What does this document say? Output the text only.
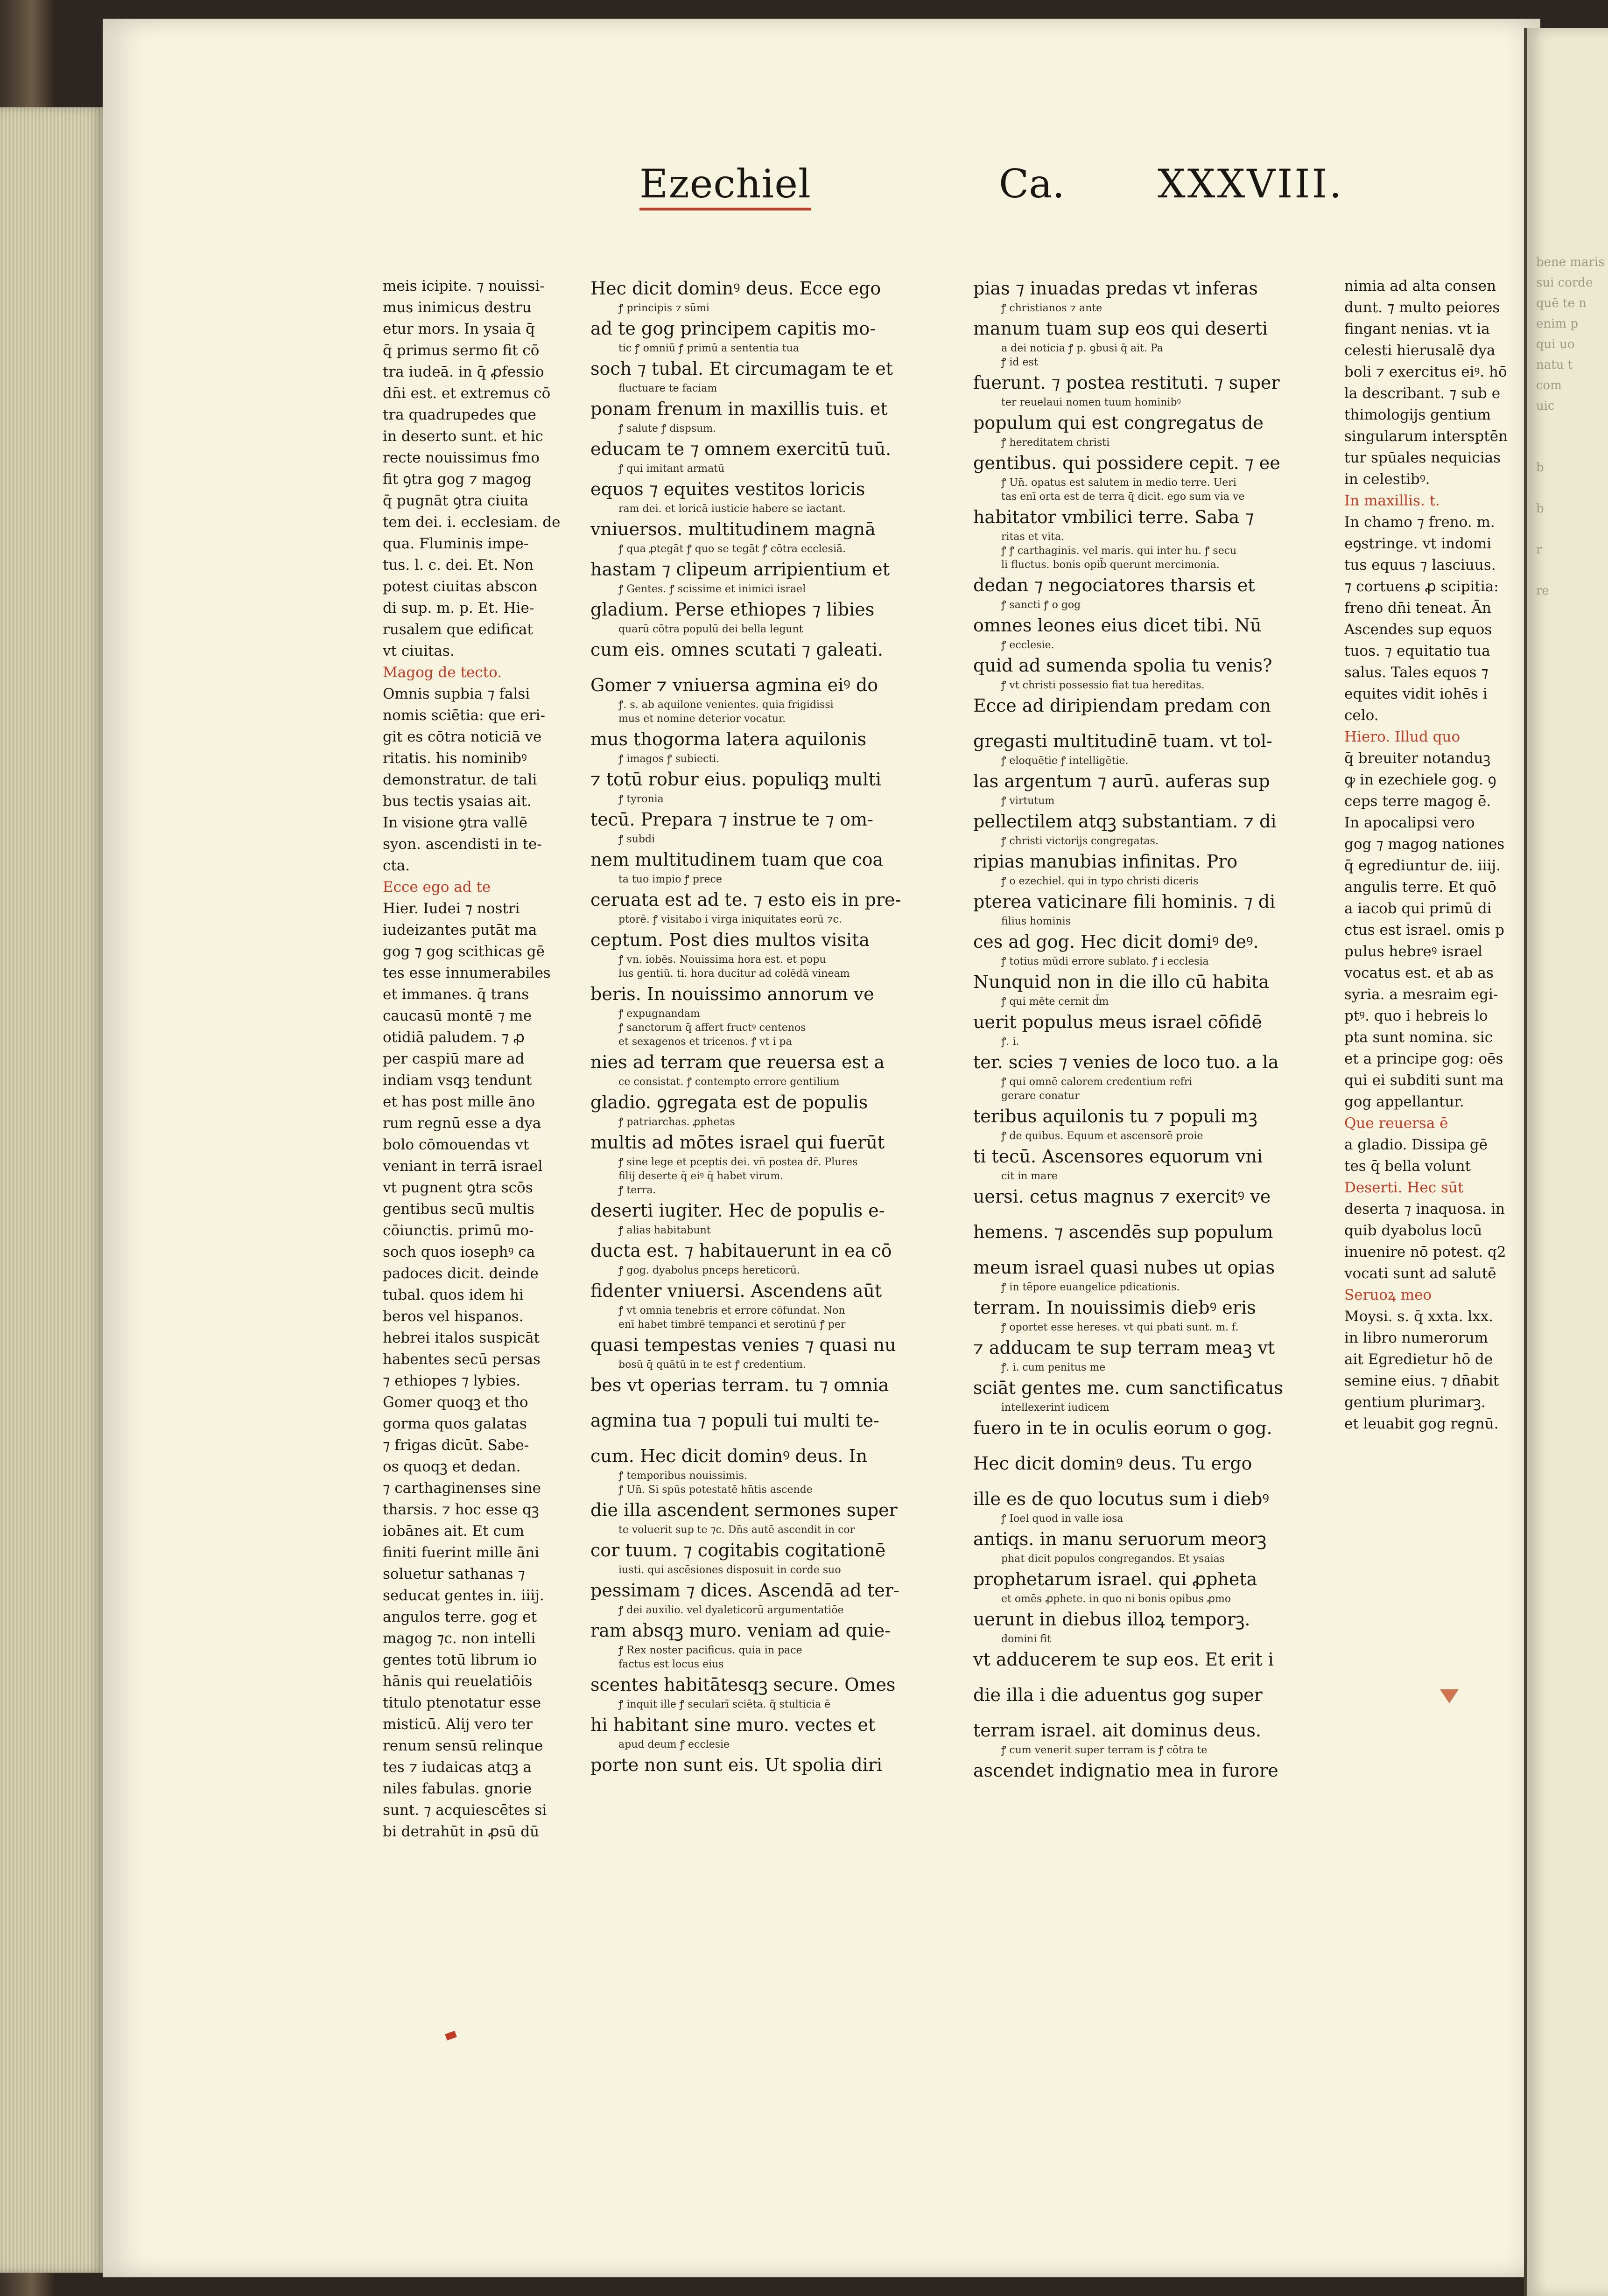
bene maris
sui corde
quē te n
enim p
qui uo
natu t
com
uic

b

b

r

re
Ezechiel	Ca. XXXVIII.
meis icipite. ⁊ nouissi-
mus inimicus destru
etur mors. In ysaia q̄
q̄ primus sermo fit cō
tra iudeā. in q̄ ꝓfessio
dn̄i est. et extremus cō
tra quadrupedes que
in deserto sunt. et hic
recte nouissimus fmo
fit ꝯtra gog ⁊ magog
q̄ pugnāt ꝯtra ciuita
tem dei. i. ecclesiam. de
qua. Fluminis impe-
tus. l. c. dei. Et. Non
potest ciuitas abscon
di sup. m. p. Et. Hie-
rusalem que edificat
vt ciuitas.
Magog de tecto.
Omnis supbia ⁊ falsi
nomis sciētia: que eri-
git es cōtra noticiā ve
ritatis. his nominibꝰ
demonstratur. de tali
bus tectis ysaias ait.
In visione ꝯtra vallē
syon. ascendisti in te-
cta.
Ecce ego ad te
Hier. Iudei ⁊ nostri
iudeizantes putāt ma
gog ⁊ gog scithicas gē
tes esse innumerabiles
et immanes. q̄ trans
caucasū montē ⁊ me
otidiā paludem. ⁊ ꝓ
per caspiū mare ad
indiam vsqꝫ tendunt
et has post mille āno
rum regnū esse a dya
bolo cōmouendas vt
veniant in terrā israel
vt pugnent ꝯtra scōs
gentibus secū multis
cōiunctis. primū mo-
soch quos iosephꝰ ca
padoces dicit. deinde
tubal. quos idem hi
beros vel hispanos.
hebrei italos suspicāt
habentes secū persas
⁊ ethiopes ⁊ lybies.
Gomer quoqꝫ et tho
gorma quos galatas
⁊ frigas dicūt. Sabe-
os quoqꝫ et dedan.
⁊ carthaginenses sine
tharsis. ⁊ hoc esse qꝫ
iobānes ait. Et cum
finiti fuerint mille āni
soluetur sathanas ⁊
seducat gentes in. iiij.
angulos terre. gog et
magog ⁊c. non intelli
gentes totū librum io
hānis qui reuelatiōis
titulo ptenotatur esse
misticū. Alij vero ter
renum sensū relinque
tes ⁊ iudaicas atqꝫ a
niles fabulas. gnorie
sunt. ⁊ acquiescētes si
bi detrahūt in ꝓsū dū
Hec dicit dominꝰ deus. Ecce ego
ꝭ principis ⁊ sūmi
ad te gog principem capitis mo-
tic ꝭ omniū ꝭ primū a sententia tua
soch ⁊ tubal. Et circumagam te et
fluctuare te faciam
ponam frenum in maxillis tuis. et
ꝭ salute ꝭ dispsum.
educam te ⁊ omnem exercitū tuū.
ꝭ qui imitant armatū
equos ⁊ equites vestitos loricis
ram dei. et loricā iusticie habere se iactant.
vniuersos. multitudinem magnā
ꝭ qua ꝓtegāt ꝭ quo se tegāt ꝭ cōtra ecclesiā.
hastam ⁊ clipeum arripientium et
ꝭ Gentes. ꝭ scissime et inimici israel
gladium. Perse ethiopes ⁊ libies
quarū cōtra populū dei bella legunt
cum eis. omnes scutati ⁊ galeati.
Gomer ⁊ vniuersa agmina eiꝰ do
ꝭ. s. ab aquilone venientes. quia frigidissi
mus et nomine deterior vocatur.
mus thogorma latera aquilonis
ꝭ imagos ꝭ subiecti.
⁊ totū robur eius. populiqꝫ multi
ꝭ tyronia
tecū. Prepara ⁊ instrue te ⁊ om-
ꝭ subdi
nem multitudinem tuam que coa
ta tuo impio ꝭ prece
ceruata est ad te. ⁊ esto eis in pre-
ptorē. ꝭ visitabo i virga iniquitates eorū ⁊c.
ceptum. Post dies multos visita
ꝭ vn. iobēs. Nouissima hora est. et popu
lus gentiū. ti. hora ducitur ad colēdā vineam
beris. In nouissimo annorum ve
ꝭ expugnandam
ꝭ sanctorum q̄ affert fructꝰ centenos
et sexagenos et tricenos. ꝭ vt i pa
nies ad terram que reuersa est a
ce consistat. ꝭ contempto errore gentilium
gladio. ꝯgregata est de populis
ꝭ patriarchas. ꝓphetas
multis ad mōtes israel qui fuerūt
ꝭ sine lege et pceptis dei. vn̄ postea dr̄. Plures
filij deserte q̄ eiꝰ q̄ habet virum.
ꝭ terra.
deserti iugiter. Hec de populis e-
ꝭ alias habitabunt
ducta est. ⁊ habitauerunt in ea cō
ꝭ gog. dyabolus pnceps hereticorū.
fidenter vniuersi. Ascendens aūt
ꝭ vt omnia tenebris et errore cōfundat. Non
enī habet timbrē tempanci et serotinū ꝭ per
quasi tempestas venies ⁊ quasi nu
bosū q̄ quātū in te est ꝭ credentium.
bes vt operias terram. tu ⁊ omnia
agmina tua ⁊ populi tui multi te-
cum. Hec dicit dominꝰ deus. In
ꝭ temporibus nouissimis.
ꝭ Un̄. Si spūs potestatē hn̄tis ascende
die illa ascendent sermones super
te voluerit sup te ⁊c. Dn̄s autē ascendit in cor
cor tuum. ⁊ cogitabis cogitationē
iusti. qui ascēsiones disposuit in corde suo
pessimam ⁊ dices. Ascendā ad ter-
ꝭ dei auxilio. vel dyaleticorū argumentatiōe
ram absqꝫ muro. veniam ad quie-
ꝭ Rex noster pacificus. quia in pace
factus est locus eius
scentes habitātesqꝫ secure. Omes
ꝭ inquit ille ꝭ secularī sciēta. q̄ stulticia ē
hi habitant sine muro. vectes et
apud deum ꝭ ecclesie
porte non sunt eis. Ut spolia diri
pias ⁊ inuadas predas vt inferas
ꝭ christianos ⁊ ante
manum tuam sup eos qui deserti
a dei noticia ꝭ p. ꝯbusi q̄ ait. Pa
ꝭ id est
fuerunt. ⁊ postea restituti. ⁊ super
ter reuelaui nomen tuum hominibꝰ
populum qui est congregatus de
ꝭ hereditatem christi
gentibus. qui possidere cepit. ⁊ ee
ꝭ Un̄. opatus est salutem in medio terre. Ueri
tas enī orta est de terra q̄ dicit. ego sum via ve
habitator vmbilici terre. Saba ⁊
ritas et vita.
ꝭ ꝭ carthaginis. vel maris. qui inter hu. ꝭ secu
li fluctus. bonis opib̄ querunt mercimonia.
dedan ⁊ negociatores tharsis et
ꝭ sancti ꝭ o gog
omnes leones eius dicet tibi. Nū
ꝭ ecclesie.
quid ad sumenda spolia tu venis?
ꝭ vt christi possessio fiat tua hereditas.
Ecce ad diripiendam predam con
gregasti multitudinē tuam. vt tol-
ꝭ eloquētie ꝭ intelligētie.
las argentum ⁊ aurū. auferas sup
ꝭ virtutum
pellectilem atqꝫ substantiam. ⁊ di
ꝭ christi victorijs congregatas.
ripias manubias infinitas. Pro
ꝭ o ezechiel. qui in typo christi diceris
pterea vaticinare fili hominis. ⁊ di
filius hominis
ces ad gog. Hec dicit domiꝰ deꝰ.
ꝭ totius mūdi errore sublato. ꝭ i ecclesia
Nunquid non in die illo cū habita
ꝭ qui mēte cernit d̄m
uerit populus meus israel cōfidē
ꝭ. i.
ter. scies ⁊ venies de loco tuo. a la
ꝭ qui omnē calorem credentium refri
gerare conatur
teribus aquilonis tu ⁊ populi mꝫ
ꝭ de quibus. Equum et ascensorē proie
ti tecū. Ascensores equorum vni
cit in mare
uersi. cetus magnus ⁊ exercitꝰ ve
hemens. ⁊ ascendēs sup populum
meum israel quasi nubes ut opias
ꝭ in tēpore euangelice pdicationis.
terram. In nouissimis diebꝰ eris
ꝭ oportet esse hereses. vt qui pbati sunt. m. f.
⁊ adducam te sup terram meaꝫ vt
ꝭ. i. cum penitus me
sciāt gentes me. cum sanctificatus
intellexerint iudicem
fuero in te in oculis eorum o gog.
Hec dicit dominꝰ deus. Tu ergo
ille es de quo locutus sum i diebꝰ
ꝭ Ioel quod in valle iosa
antiqs. in manu seruorum meorꝫ
phat dicit populos congregandos. Et ysaias
prophetarum israel. qui ꝓpheta
et omēs ꝓphete. in quo ni bonis opibus ꝓmo
uerunt in diebus illoꝝ temporꝫ.
domini fit
vt adducerem te sup eos. Et erit i
die illa i die aduentus gog super
terram israel. ait dominus deus.
ꝭ cum venerit super terram is ꝭ cōtra te
ascendet indignatio mea in furore
nimia ad alta consen
dunt. ⁊ multo peiores
fingant nenias. vt ia
celesti hierusalē dya
boli ⁊ exercitus eiꝰ. hō
la describant. ⁊ sub e
thimologijs gentium
singularum intersptēn
tur spūales nequicias
in celestibꝰ.
In maxillis. t.
In chamo ⁊ freno. m.
eꝯstringe. vt indomi
tus equus ⁊ lasciuus.
⁊ cortuens ꝓ scipitia:
freno dn̄i teneat. Ān
Ascendes sup equos
tuos. ⁊ equitatio tua
salus. Tales equos ⁊
equites vidit iohēs i
celo.
Hiero. Illud quo
q̄ breuiter notanduꝫ
ꝙ in ezechiele gog. ꝯ
ceps terre magog ē.
In apocalipsi vero
gog ⁊ magog nationes
q̄ egrediuntur de. iiij.
angulis terre. Et quō
a iacob qui primū di
ctus est israel. omis p
pulus hebreꝰ israel
vocatus est. et ab as
syria. a mesraim egi-
ptꝰ. quo i hebreis lo
pta sunt nomina. sic
et a principe gog: oēs
qui ei subditi sunt ma
gog appellantur.
Que reuersa ē
a gladio. Dissipa gē
tes q̄ bella volunt
Deserti. Hec sūt
deserta ⁊ inaquosa. in
quib dyabolus locū
inuenire nō potest. q2
vocati sunt ad salutē
Seruoꝝ meo
Moysi. s. q̄ xxta. lxx.
in libro numerorum
ait Egredietur hō de
semine eius. ⁊ dn̄abit
gentium plurimarꝫ.
et leuabit gog regnū.
